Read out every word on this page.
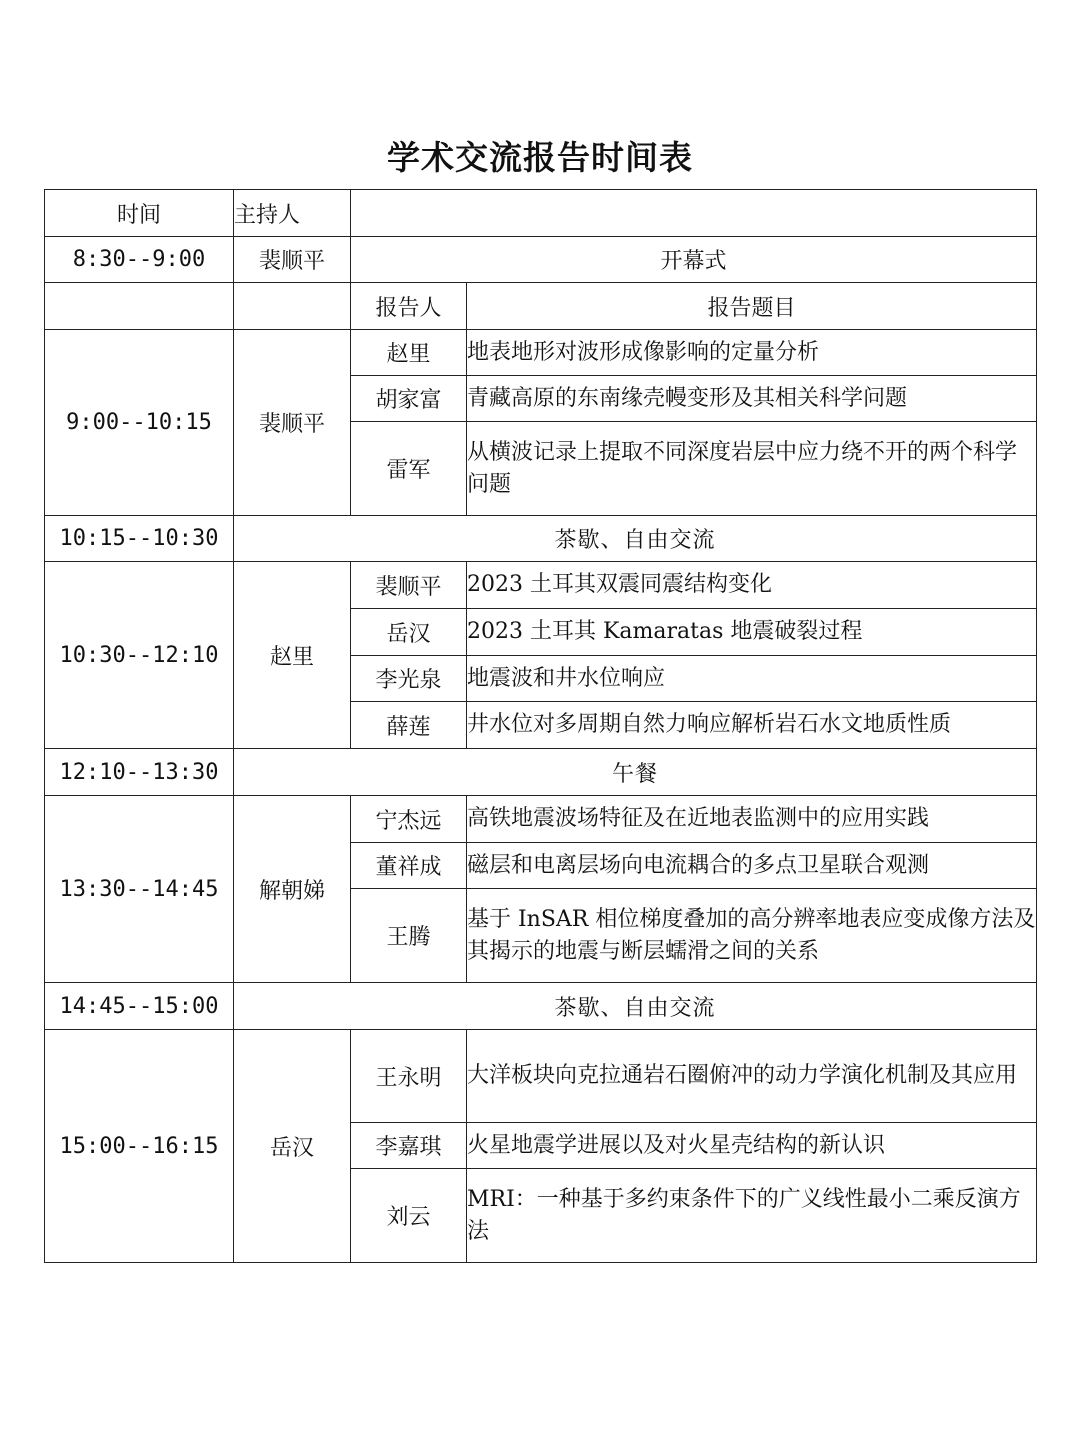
学术交流报告时间表
时间	主持人		
8:30--9:00	裴顺平	开幕式	
		报告人	报告题目
9:00--10:15	裴顺平	赵里	地表地形对波形成像影响的定量分析
		胡家富	青藏高原的东南缘壳幔变形及其相关科学问题
		雷军	从横波记录上提取不同深度岩层中应力绕不开的两个科学问题
10:15--10:30	茶歇、自由交流		
10:30--12:10	赵里	裴顺平	2023 土耳其双震同震结构变化
		岳汉	2023 土耳其 Kamaratas 地震破裂过程
		李光泉	地震波和井水位响应
		薛莲	井水位对多周期自然力响应解析岩石水文地质性质
12:10--13:30	午餐		
13:30--14:45	解朝娣	宁杰远	高铁地震波场特征及在近地表监测中的应用实践
		董祥成	磁层和电离层场向电流耦合的多点卫星联合观测
		王腾	基于 InSAR 相位梯度叠加的高分辨率地表应变成像方法及其揭示的地震与断层蠕滑之间的关系
14:45--15:00	茶歇、自由交流		
15:00--16:15	岳汉	王永明	大洋板块向克拉通岩石圈俯冲的动力学演化机制及其应用
		李嘉琪	火星地震学进展以及对火星壳结构的新认识
		刘云	MRI：一种基于多约束条件下的广义线性最小二乘反演方法
